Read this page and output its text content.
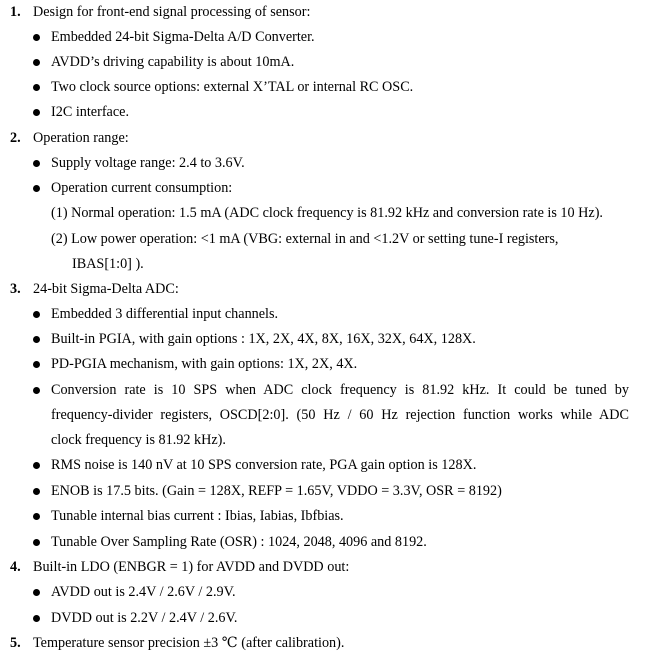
1. Design for front-end signal processing of sensor:
Embedded 24-bit Sigma-Delta A/D Converter.
AVDD’s driving capability is about 10mA.
Two clock source options: external X’TAL or internal RC OSC.
I2C interface.
2. Operation range:
Supply voltage range: 2.4 to 3.6V.
Operation current consumption:
(1) Normal operation: 1.5 mA (ADC clock frequency is 81.92 kHz and conversion rate is 10 Hz).
(2) Low power operation: <1 mA (VBG: external in and <1.2V or setting tune-I registers,
IBAS[1:0] ).
3. 24-bit Sigma-Delta ADC:
Embedded 3 differential input channels.
Built-in PGIA, with gain options : 1X, 2X, 4X, 8X, 16X, 32X, 64X, 128X.
PD-PGIA mechanism, with gain options: 1X, 2X, 4X.
Conversion rate is 10 SPS when ADC clock frequency is 81.92 kHz. It could be tuned by
frequency-divider registers, OSCD[2:0]. (50 Hz / 60 Hz rejection function works while ADC
clock frequency is 81.92 kHz).
RMS noise is 140 nV at 10 SPS conversion rate, PGA gain option is 128X.
ENOB is 17.5 bits. (Gain = 128X, REFP = 1.65V, VDDO = 3.3V, OSR = 8192)
Tunable internal bias current : Ibias, Iabias, Ibfbias.
Tunable Over Sampling Rate (OSR) : 1024, 2048, 4096 and 8192.
4. Built-in LDO (ENBGR = 1) for AVDD and DVDD out:
AVDD out is 2.4V / 2.6V / 2.9V.
DVDD out is 2.2V / 2.4V / 2.6V.
5. Temperature sensor precision ±3 ℃ (after calibration).
